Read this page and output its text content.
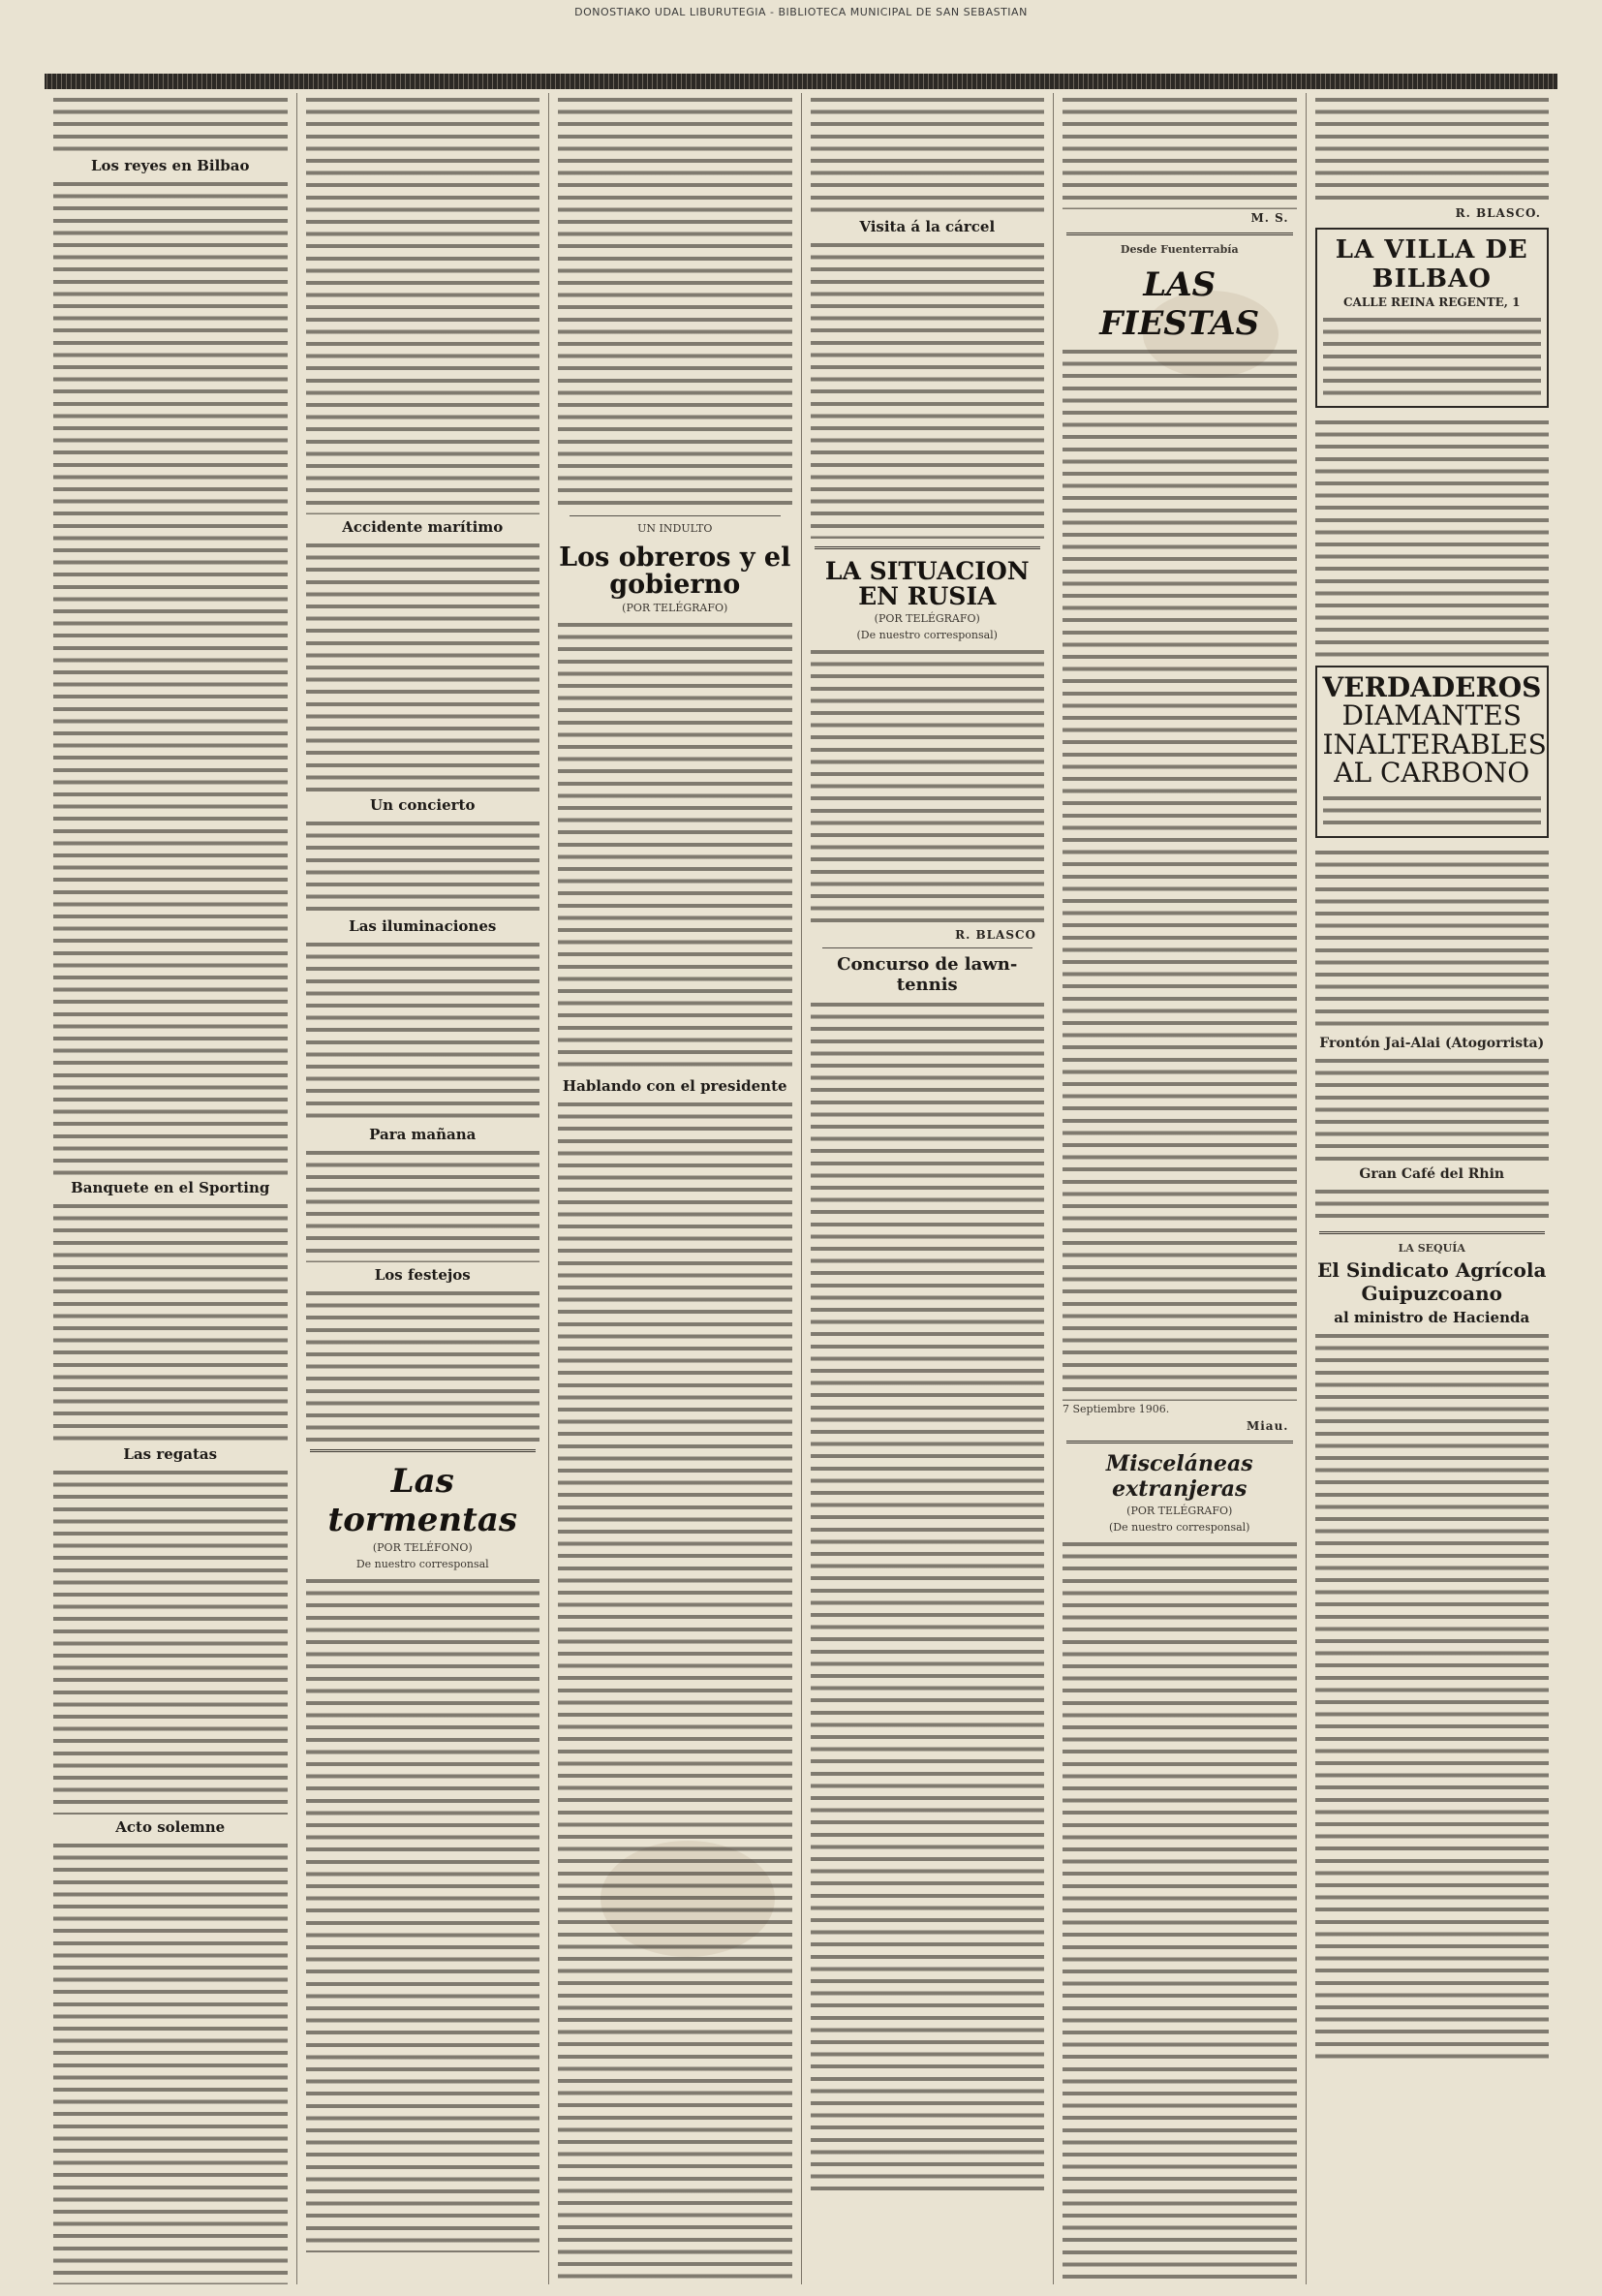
DONOSTIAKO UDAL LIBURUTEGIA - BIBLIOTECA MUNICIPAL DE SAN SEBASTIAN
Los reyes en Bilbao
Banquete en el Sporting
Las regatas
Acto solemne
Accidente marítimo
Un concierto
Las iluminaciones
Para mañana
Los festejos
Las tormentas
(POR TELÉFONO)
De nuestro corresponsal
UN INDULTO
Los obreros y el gobierno
(POR TELÉGRAFO)
Hablando con el presidente
Visita á la cárcel
LA SITUACION EN RUSIA
(POR TELÉGRAFO)
(De nuestro corresponsal)
R. BLASCO
Concurso de lawn-tennis
M. S.
Desde Fuenterrabía
LAS FIESTAS
7 Septiembre 1906.
Miau.
Misceláneas extranjeras
(POR TELÉGRAFO)
(De nuestro corresponsal)
R. BLASCO.
LA VILLA DE BILBAO
CALLE REINA REGENTE, 1
VERDADEROS
DIAMANTES
INALTERABLES
AL CARBONO
Frontón Jai-Alai (Atogorrista)
Gran Café del Rhin
LA SEQUÍA
El Sindicato Agrícola Guipuzcoano
al ministro de Hacienda
